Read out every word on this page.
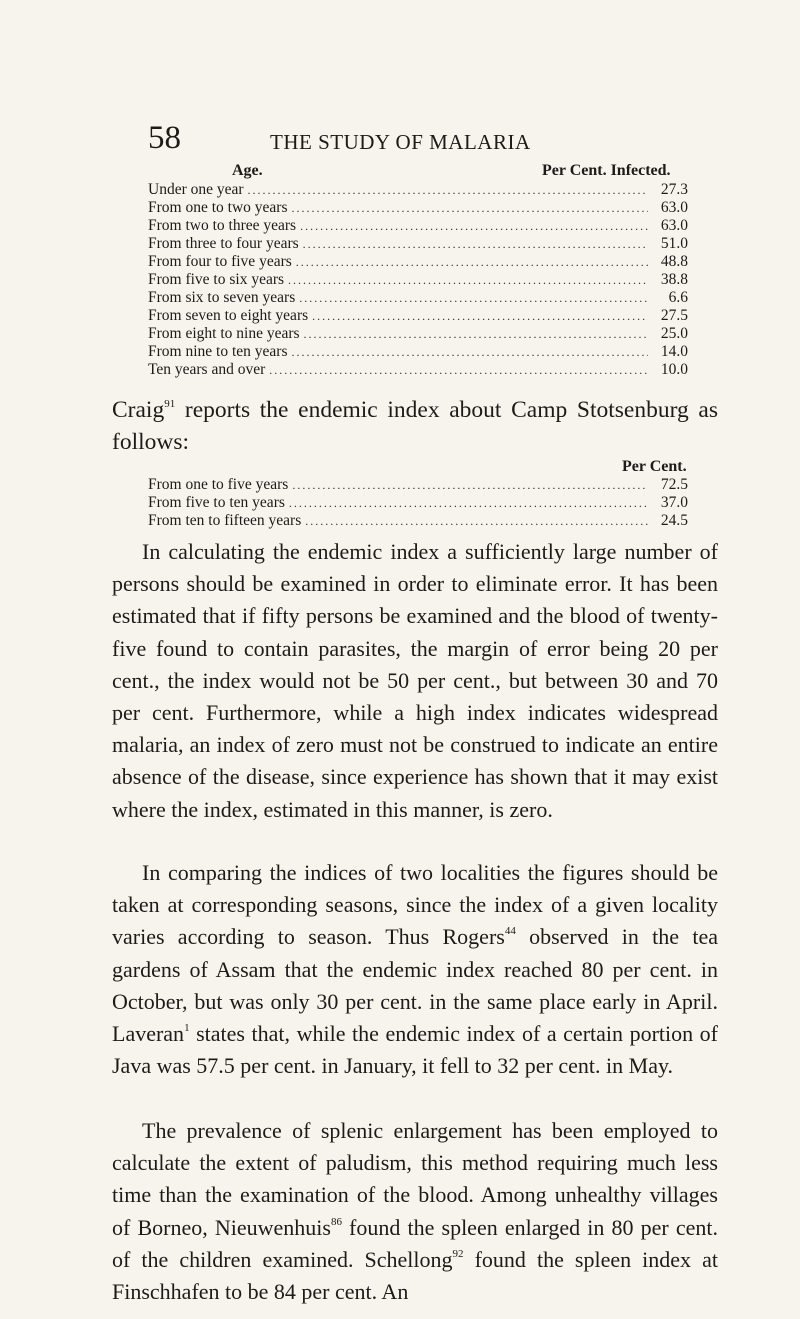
58	THE STUDY OF MALARIA
Age.	Per Cent. Infected.
Under one year .....	27.3
From one to two years .....	63.0
From two to three years .....	63.0
From three to four years .....	51.0
From four to five years .....	48.8
From five to six years .....	38.8
From six to seven years .....	6.6
From seven to eight years .....	27.5
From eight to nine years .....	25.0
From nine to ten years .....	14.0
Ten years and over .....	10.0

Craig$^{91}$ reports the endemic index about Camp Stotsenburg as follows:

Per Cent.
From one to five years .....	72.5
From five to ten years .....	37.0
From ten to fifteen years .....	24.5

In calculating the endemic index a sufficiently large number of persons should be examined in order to eliminate error. It has been estimated that if fifty persons be examined and the blood of twenty-five found to contain parasites, the margin of error being 20 per cent., the index would not be 50 per cent., but between 30 and 70 per cent. Furthermore, while a high index indicates widespread malaria, an index of zero must not be construed to indicate an entire absence of the disease, since experience has shown that it may exist where the index, estimated in this manner, is zero.

In comparing the indices of two localities the figures should be taken at corresponding seasons, since the index of a given locality varies according to season. Thus Rogers$^{44}$ observed in the tea gardens of Assam that the endemic index reached 80 per cent. in October, but was only 30 per cent. in the same place early in April. Laveran$^1$ states that, while the endemic index of a certain portion of Java was 57.5 per cent. in January, it fell to 32 per cent. in May.

The prevalence of splenic enlargement has been employed to calculate the extent of paludism, this method requiring much less time than the examination of the blood. Among unhealthy villages of Borneo, Nieuwenhuis$^{86}$ found the spleen enlarged in 80 per cent. of the children examined. Schellong$^{92}$ found the spleen index at Finschhafen to be 84 per cent. An
